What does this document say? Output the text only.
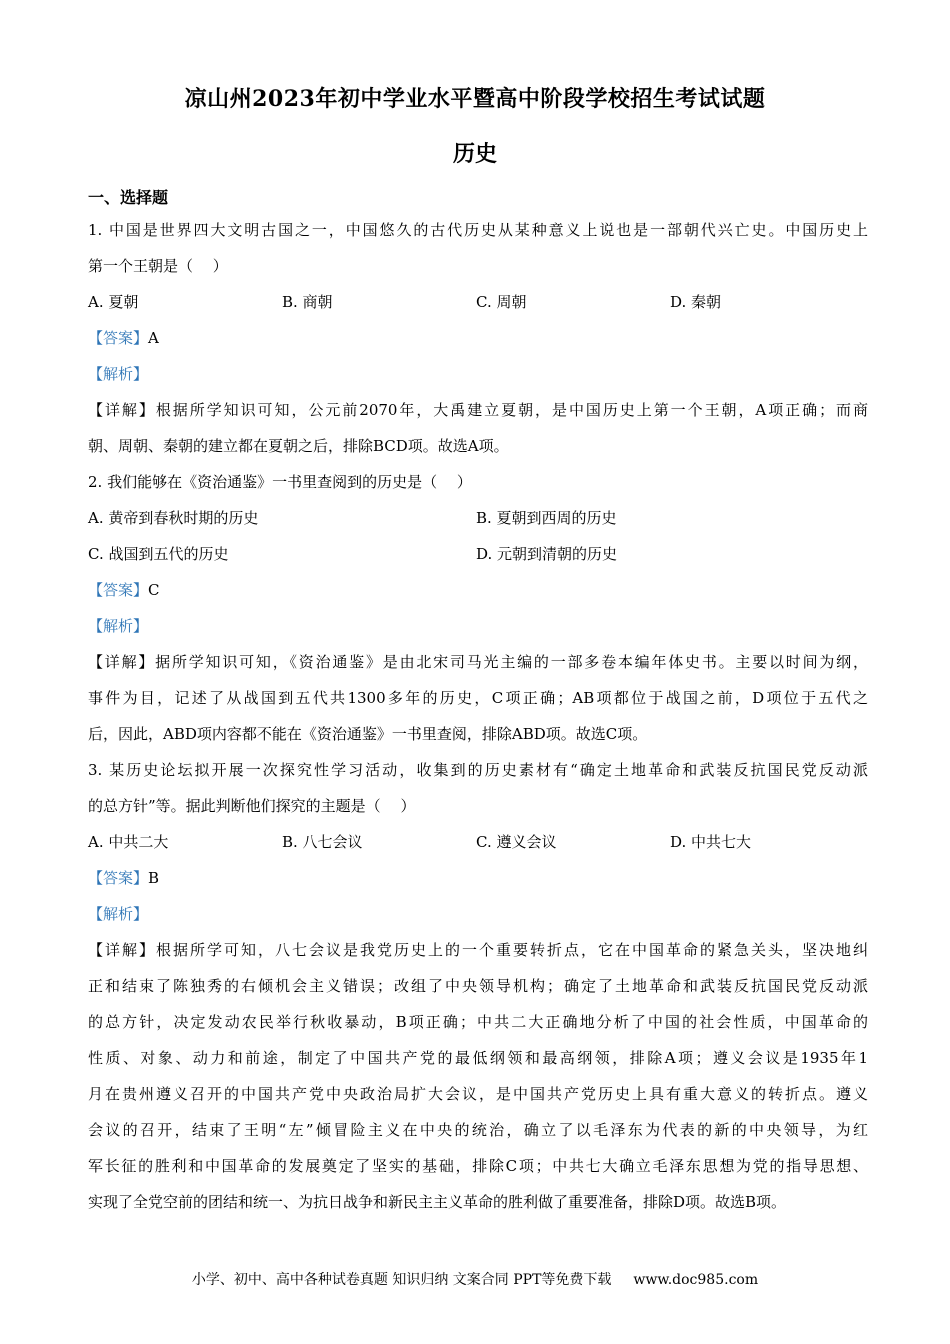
凉山州2023年初中学业水平暨高中阶段学校招生考试试题
历史
一、选择题
1. 中国是世界四大文明古国之一，中国悠久的古代历史从某种意义上说也是一部朝代兴亡史。中国历史上
第一个王朝是（　 ）
A. 夏朝	B. 商朝	C. 周朝	D. 秦朝
【答案】A
【解析】
【详解】根据所学知识可知，公元前2070年，大禹建立夏朝，是中国历史上第一个王朝，A项正确；而商
朝、周朝、秦朝的建立都在夏朝之后，排除BCD项。故选A项。
2. 我们能够在《资治通鉴》一书里查阅到的历史是（　 ）
A. 黄帝到春秋时期的历史	B. 夏朝到西周的历史
C. 战国到五代的历史	D. 元朝到清朝的历史
【答案】C
【解析】
【详解】据所学知识可知，《资治通鉴》是由北宋司马光主编的一部多卷本编年体史书。主要以时间为纲，
事件为目，记述了从战国到五代共1300多年的历史，C项正确；AB项都位于战国之前，D项位于五代之
后，因此，ABD项内容都不能在《资治通鉴》一书里查阅，排除ABD项。故选C项。
3. 某历史论坛拟开展一次探究性学习活动，收集到的历史素材有“确定土地革命和武装反抗国民党反动派
的总方针”等。据此判断他们探究的主题是（　 ）
A. 中共二大	B. 八七会议	C. 遵义会议	D. 中共七大
【答案】B
【解析】
【详解】根据所学可知，八七会议是我党历史上的一个重要转折点，它在中国革命的紧急关头，坚决地纠
正和结束了陈独秀的右倾机会主义错误；改组了中央领导机构；确定了土地革命和武装反抗国民党反动派
的总方针，决定发动农民举行秋收暴动，B项正确；中共二大正确地分析了中国的社会性质，中国革命的
性质、对象、动力和前途，制定了中国共产党的最低纲领和最高纲领，排除A项；遵义会议是1935年1
月在贵州遵义召开的中国共产党中央政治局扩大会议，是中国共产党历史上具有重大意义的转折点。遵义
会议的召开，结束了王明“左”倾冒险主义在中央的统治，确立了以毛泽东为代表的新的中央领导，为红
军长征的胜利和中国革命的发展奠定了坚实的基础，排除C项；中共七大确立毛泽东思想为党的指导思想、
实现了全党空前的团结和统一、为抗日战争和新民主主义革命的胜利做了重要准备，排除D项。故选B项。
小学、初中、高中各种试卷真题 知识归纳 文案合同 PPT等免费下载 www.doc985.com
